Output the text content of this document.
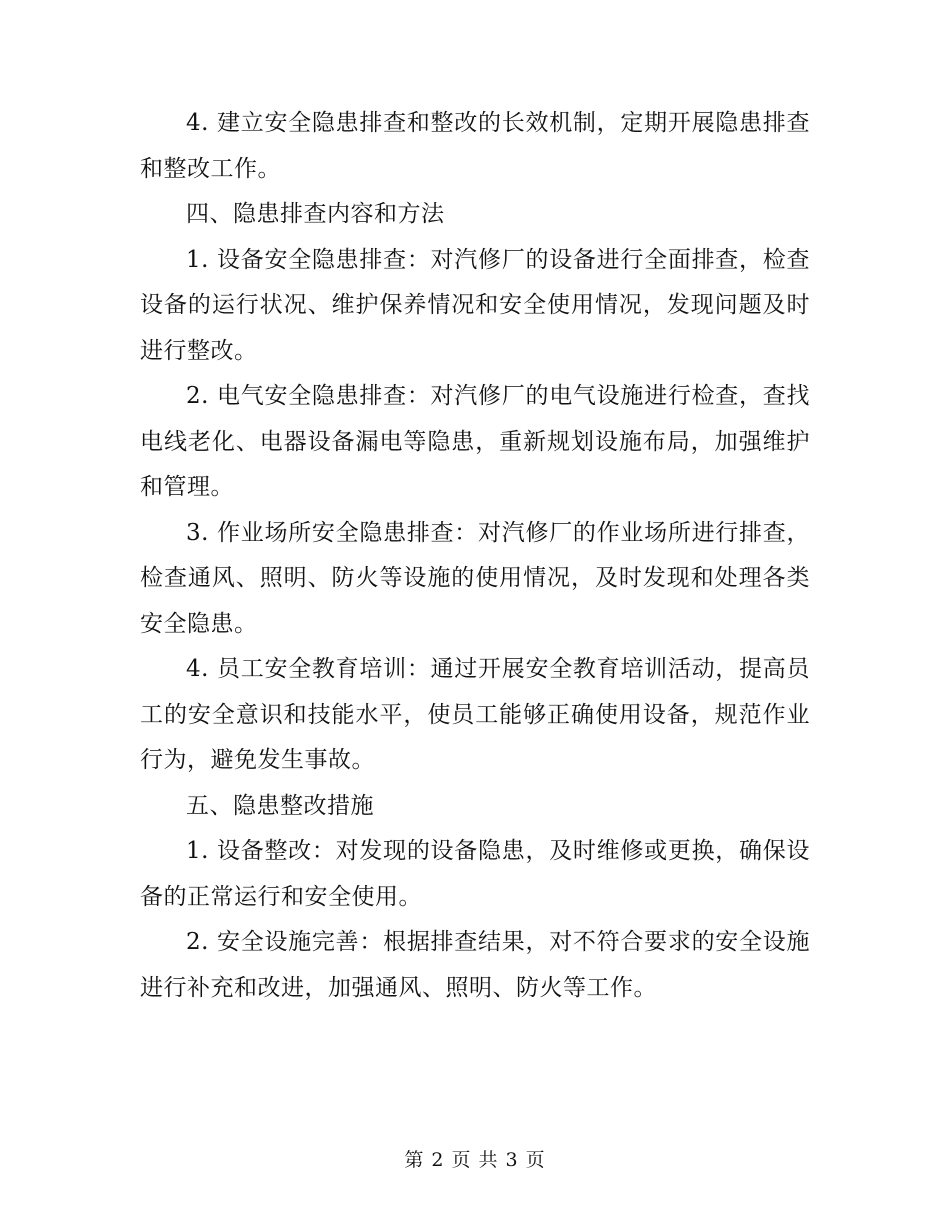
4. 建立安全隐患排查和整改的长效机制，定期开展隐患排查和整改工作。

四、隐患排查内容和方法

1. 设备安全隐患排查：对汽修厂的设备进行全面排查，检查设备的运行状况、维护保养情况和安全使用情况，发现问题及时进行整改。

2. 电气安全隐患排查：对汽修厂的电气设施进行检查，查找电线老化、电器设备漏电等隐患，重新规划设施布局，加强维护和管理。

3. 作业场所安全隐患排查：对汽修厂的作业场所进行排查，检查通风、照明、防火等设施的使用情况，及时发现和处理各类安全隐患。

4. 员工安全教育培训：通过开展安全教育培训活动，提高员工的安全意识和技能水平，使员工能够正确使用设备，规范作业行为，避免发生事故。

五、隐患整改措施

1. 设备整改：对发现的设备隐患，及时维修或更换，确保设备的正常运行和安全使用。

2. 安全设施完善：根据排查结果，对不符合要求的安全设施进行补充和改进，加强通风、照明、防火等工作。

第 2 页 共 3 页
